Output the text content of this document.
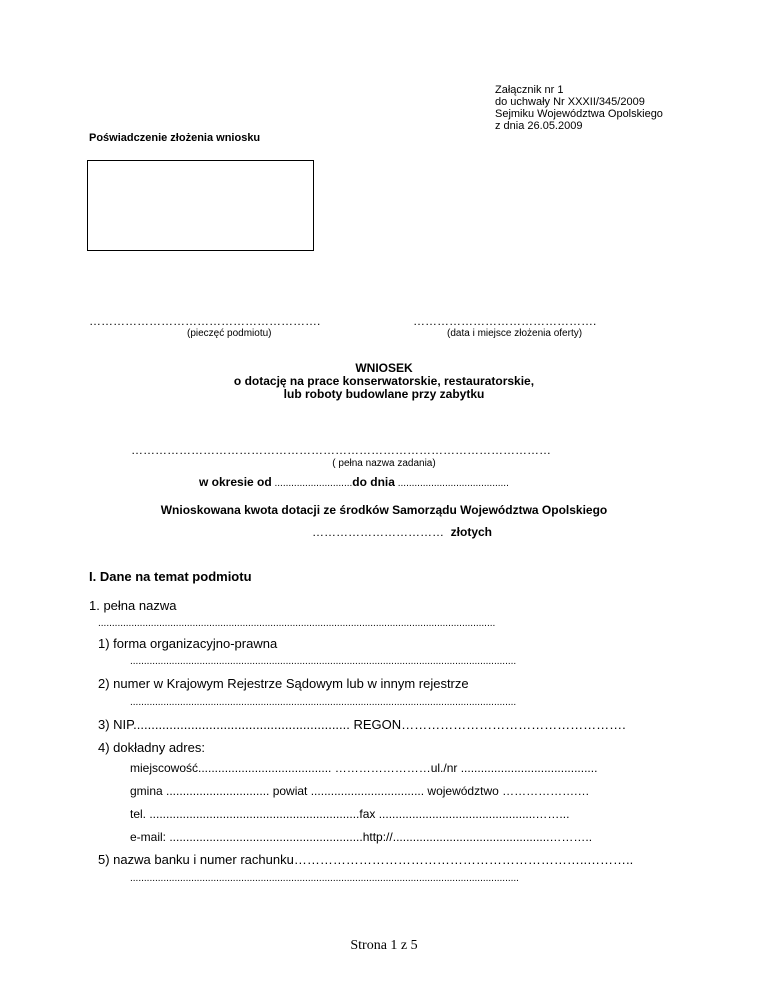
Załącznik nr 1
do uchwały Nr XXXII/345/2009
Sejmiku Województwa Opolskiego
z dnia 26.05.2009
Poświadczenie złożenia wniosku
………………………………………………….
(pieczęć podmiotu)
……………………………………….
(data i miejsce złożenia oferty)
WNIOSEK
o dotację na prace konserwatorskie, restauratorskie,
lub roboty budowlane przy zabytku
……………………………………………………………………………………………
( pełna nazwa zadania)
w okresie od ............................do dnia ........................................
Wnioskowana kwota dotacji ze środków Samorządu Województwa Opolskiego
…………………………… złotych
I. Dane na temat podmiotu
1. pełna nazwa
...............................................................................................................................................
1) forma organizacyjno-prawna
...........................................................................................................................................
2) numer w Krajowym Rejestrze Sądowym lub w innym rejestrze
...........................................................................................................................................
3) NIP............................................................ REGON…………………………………………….
4) dokładny adres:
miejscowość........................................ ……………………ul./nr .........................................
gmina ............................... powiat .................................. województwo ……………….…
tel. ...............................................................fax ...............................................……...
e-mail: ..........................................................http://...............................................………..
5) nazwa banku i numer rachunku…………………………………………………………..………..
............................................................................................................................................
Strona 1 z 5
